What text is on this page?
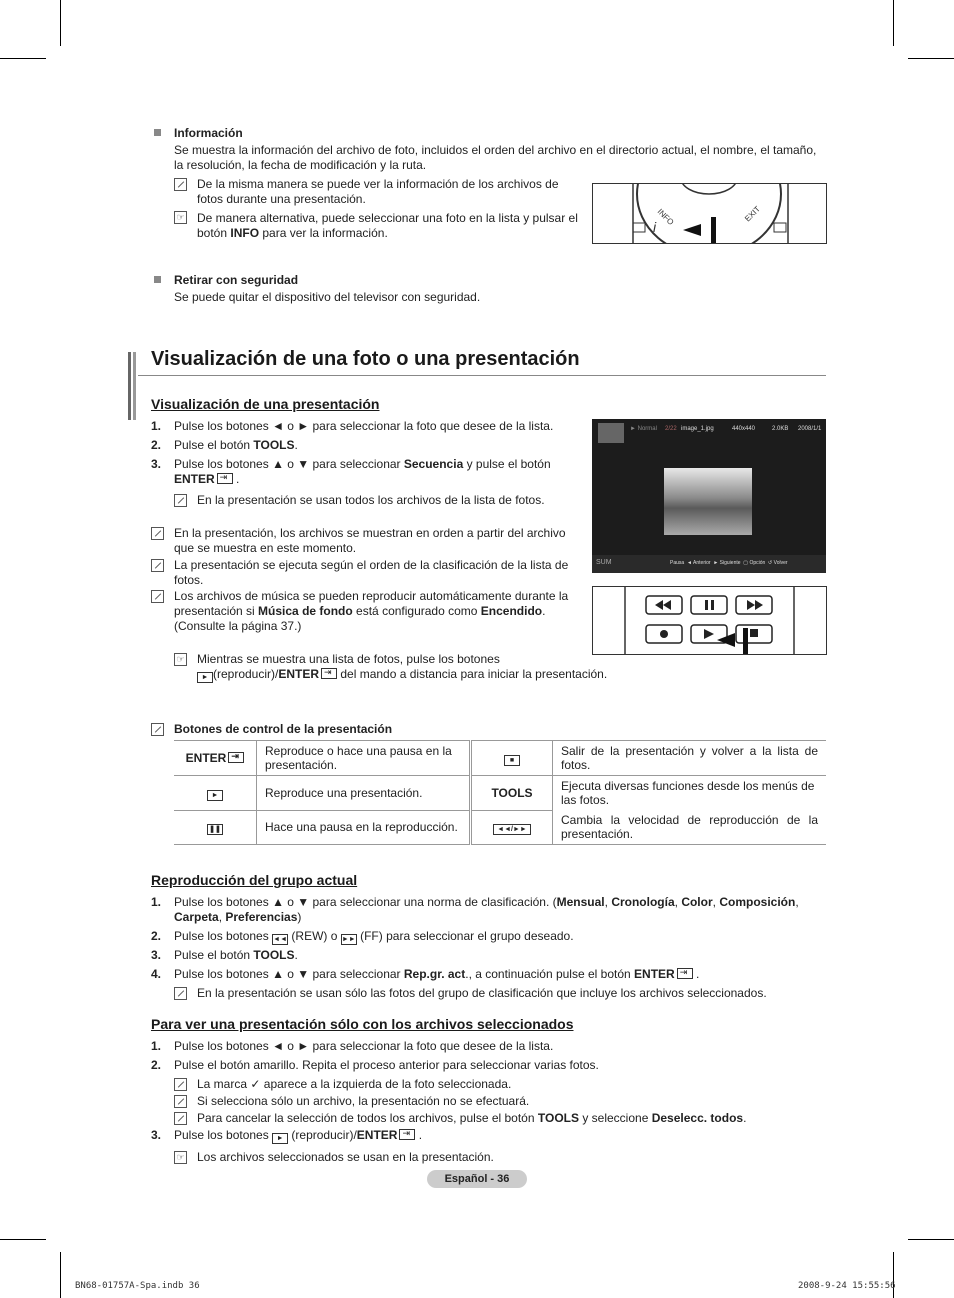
Información
Se muestra la información del archivo de foto, incluidos el orden del archivo en el directorio actual, el nombre, el tamaño, la resolución, la fecha de modificación y la ruta.
De la misma manera se puede ver la información de los archivos de fotos durante una presentación.
☞ De manera alternativa, puede seleccionar una foto en la lista y pulsar el botón INFO para ver la información.
INFO	EXIT
i
Retirar con seguridad
Se puede quitar el dispositivo del televisor con seguridad.
Visualización de una foto o una presentación
Visualización de una presentación
1. Pulse los botones ◄ o ► para seleccionar la foto que desee de la lista.
2. Pulse el botón TOOLS.
3. Pulse los botones ▲ o ▼ para seleccionar Secuencia y pulse el botón
ENTER ⇥ .
En la presentación se usan todos los archivos de la lista de fotos.
En la presentación, los archivos se muestran en orden a partir del archivo que se muestra en este momento.
La presentación se ejecuta según el orden de la clasificación de la lista de fotos.
Los archivos de música se pueden reproducir automáticamente durante la presentación si Música de fondo está configurado como Encendido. (Consulte la página 37.)
☞ Mientras se muestra una lista de fotos, pulse los botones
► (reproducir)/ENTER⇥ del mando a distancia para iniciar la presentación.
► Normal 2/22 image_1.jpg	440x440	2.0KB 2008/1/1
SUM	Pausa  ◄ Anterior  ► Siguiente  ▢ Opción  ↺ Volver
Botones de control de la presentación
ENTER⇥	Reproduce o hace una pausa en la presentación.	■	Salir de la presentación y volver a la lista de fotos.
►	Reproduce una presentación.	TOOLS	Ejecuta diversas funciones desde los menús de las fotos.
❚❚	Hace una pausa en la reproducción.	◄◄/►►	Cambia la velocidad de reproducción de la presentación.
Reproducción del grupo actual
1. Pulse los botones ▲ o ▼ para seleccionar una norma de clasificación. (Mensual, Cronología, Color, Composición, Carpeta, Preferencias)
2. Pulse los botones ◄◄ (REW) o ►► (FF) para seleccionar el grupo deseado.
3. Pulse el botón TOOLS.
4. Pulse los botones ▲ o ▼ para seleccionar Rep.gr. act., a continuación pulse el botón ENTER⇥ .
En la presentación se usan sólo las fotos del grupo de clasificación que incluye los archivos seleccionados.
Para ver una presentación sólo con los archivos seleccionados
1. Pulse los botones ◄ o ► para seleccionar la foto que desee de la lista.
2. Pulse el botón amarillo. Repita el proceso anterior para seleccionar varias fotos.
La marca ✓ aparece a la izquierda de la foto seleccionada.
Si selecciona sólo un archivo, la presentación no se efectuará.
Para cancelar la selección de todos los archivos, pulse el botón TOOLS y seleccione Deselecc. todos.
3. Pulse los botones ► (reproducir)/ENTER⇥ .
☞ Los archivos seleccionados se usan en la presentación.
Español - 36
BN68-01757A-Spa.indb 36	2008-9-24 15:55:56
